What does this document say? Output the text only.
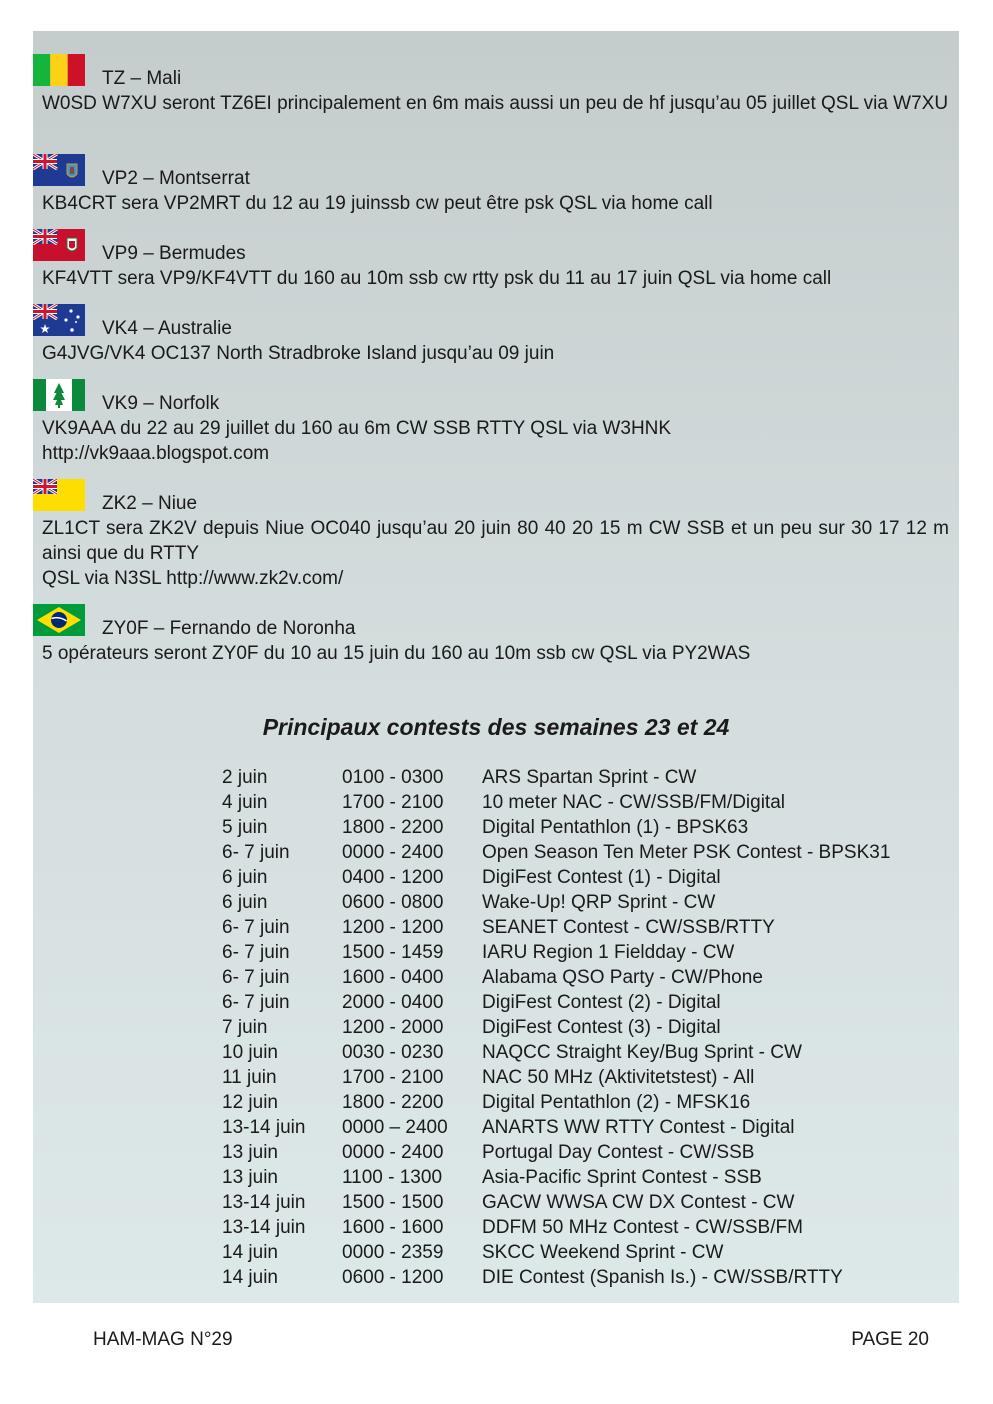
TZ – Mali

W0SD W7XU seront TZ6EI principalement en 6m mais aussi un peu de hf jusqu’au 05 juillet QSL via W7XU

VP2 – Montserrat

KB4CRT sera VP2MRT du 12 au 19 juinssb cw peut être psk QSL via home call

VP9 – Bermudes

KF4VTT sera VP9/KF4VTT du 160 au 10m ssb cw rtty psk du 11 au 17 juin QSL via home call

VK4 – Australie

G4JVG/VK4 OC137 North Stradbroke Island jusqu’au 09 juin

VK9 – Norfolk

VK9AAA du 22 au 29 juillet du 160 au 6m CW SSB RTTY QSL via W3HNK

http://vk9aaa.blogspot.com

ZK2 – Niue

ZL1CT sera ZK2V depuis Niue OC040 jusqu’au 20 juin 80 40 20 15 m CW SSB et un peu sur 30 17 12 m ainsi que du RTTY

QSL via N3SL http://www.zk2v.com/

ZY0F – Fernando de Noronha

5 opérateurs seront ZY0F du 10 au 15 juin du 160 au 10m ssb cw QSL via PY2WAS

Principaux contests des semaines 23 et 24
2 juin	0100 - 0300 ARS Spartan Sprint - CW
4 juin	1700 - 2100 10 meter NAC - CW/SSB/FM/Digital
5 juin	1800 - 2200 Digital Pentathlon (1) - BPSK63
6- 7 juin	0000 - 2400 Open Season Ten Meter PSK Contest - BPSK31
6 juin	0400 - 1200 DigiFest Contest (1) - Digital
6 juin	0600 - 0800 Wake-Up! QRP Sprint - CW
6- 7 juin	1200 - 1200 SEANET Contest - CW/SSB/RTTY
6- 7 juin	1500 - 1459 IARU Region 1 Fieldday - CW
6- 7 juin	1600 - 0400 Alabama QSO Party - CW/Phone
6- 7 juin	2000 - 0400 DigiFest Contest (2) - Digital
7 juin	1200 - 2000 DigiFest Contest (3) - Digital
10 juin	0030 - 0230 NAQCC Straight Key/Bug Sprint - CW
11 juin	1700 - 2100 NAC 50 MHz (Aktivitetstest) - All
12 juin	1800 - 2200 Digital Pentathlon (2) - MFSK16
13-14 juin 0000 – 2400 ANARTS WW RTTY Contest - Digital
13 juin	0000 - 2400 Portugal Day Contest - CW/SSB
13 juin	1100 - 1300 Asia-Pacific Sprint Contest - SSB
13-14 juin 1500 - 1500 GACW WWSA CW DX Contest - CW
13-14 juin 1600 - 1600 DDFM 50 MHz Contest - CW/SSB/FM
14 juin	0000 - 2359 SKCC Weekend Sprint - CW
14 juin	0600 - 1200 DIE Contest (Spanish Is.) - CW/SSB/RTTY
HAM-MAG N°29	PAGE 20
